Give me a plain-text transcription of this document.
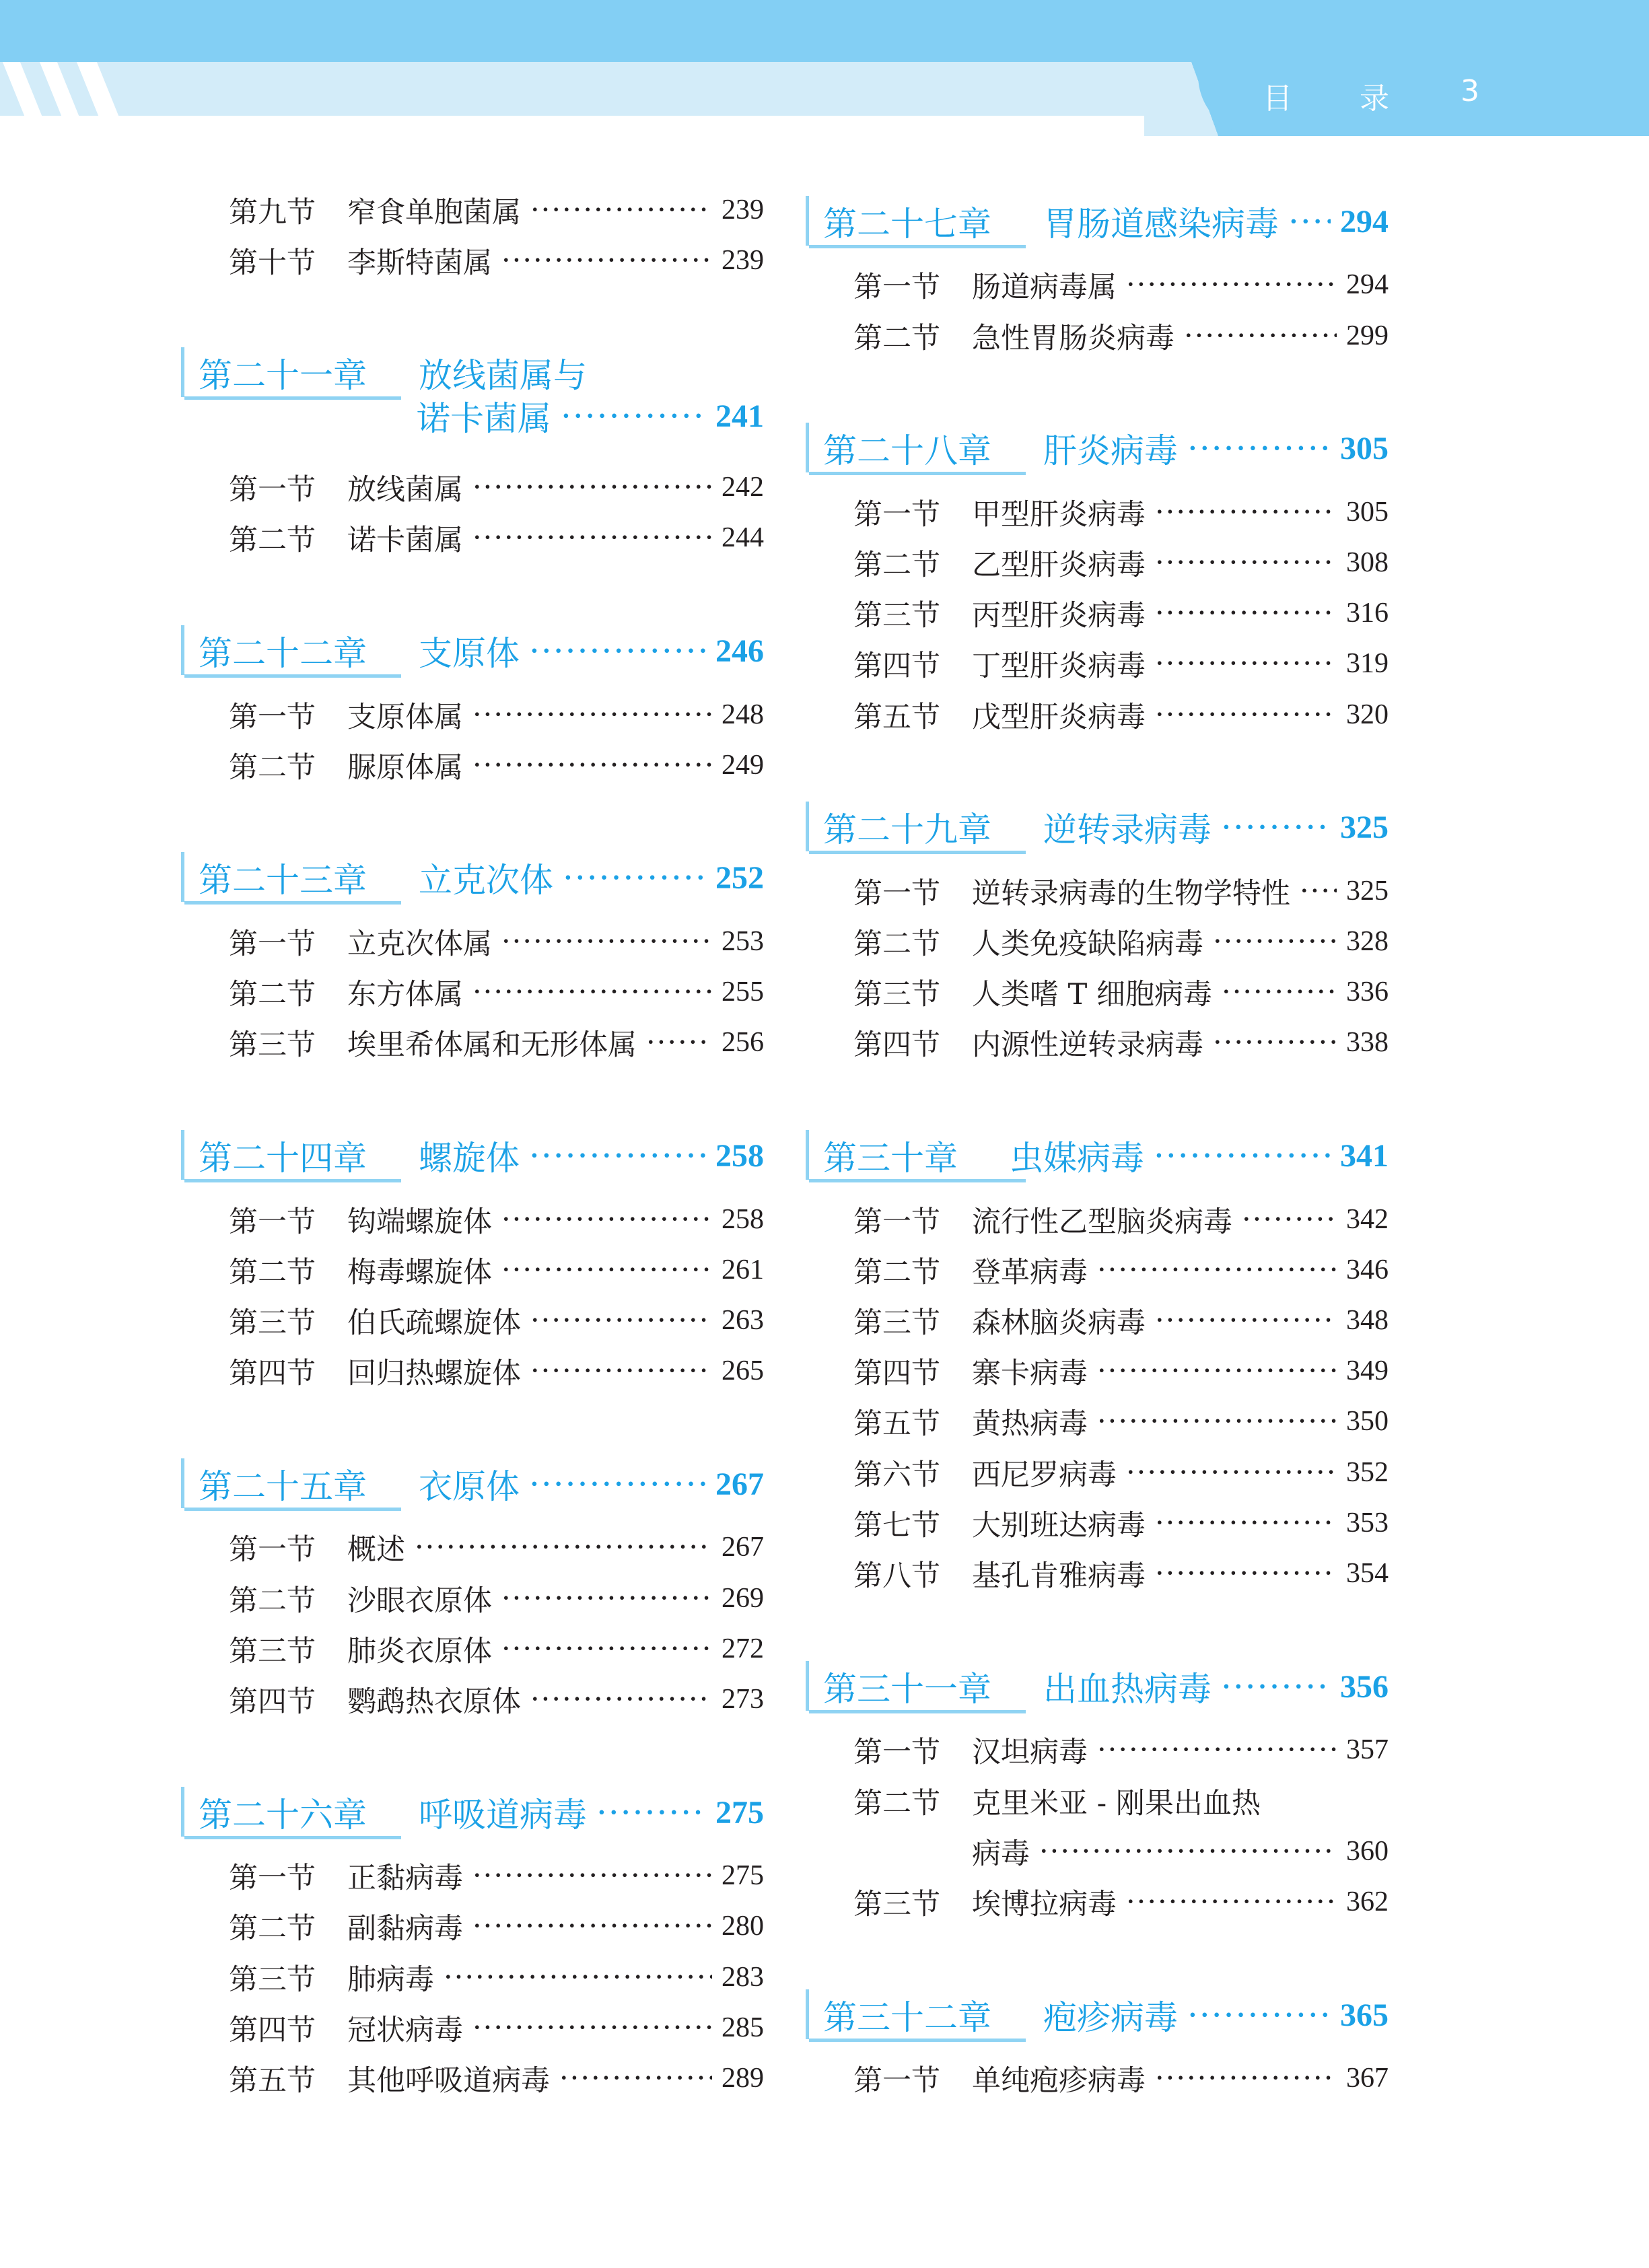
目 录 3
第九节 窄食单胞菌属 ·····	239
第十节 李斯特菌属 ·····	239
第二十一章 放线菌属与
诺卡菌属 ·····	241
第一节 放线菌属 ·····	242
第二节 诺卡菌属 ·····	244
第二十二章 支原体 ·····	246
第一节 支原体属 ·····	248
第二节 脲原体属 ·····	249
第二十三章 立克次体 ·····	252
第一节 立克次体属 ·····	253
第二节 东方体属 ·····	255
第三节 埃里希体属和无形体属 ·····	256
第二十四章 螺旋体 ·····	258
第一节 钩端螺旋体 ·····	258
第二节 梅毒螺旋体 ·····	261
第三节 伯氏疏螺旋体 ·····	263
第四节 回归热螺旋体 ·····	265
第二十五章 衣原体 ·····	267
第一节 概述 ·····	267
第二节 沙眼衣原体 ·····	269
第三节 肺炎衣原体 ·····	272
第四节 鹦鹉热衣原体 ·····	273
第二十六章 呼吸道病毒 ·····	275
第一节 正黏病毒 ·····	275
第二节 副黏病毒 ·····	280
第三节 肺病毒 ·····	283
第四节 冠状病毒 ·····	285
第五节 其他呼吸道病毒 ·····	289
第二十七章 胃肠道感染病毒 ····· 294
第一节 肠道病毒属 ·····	294
第二节 急性胃肠炎病毒 ·····	299
第二十八章 肝炎病毒 ·····	305
第一节 甲型肝炎病毒 ·····	305
第二节 乙型肝炎病毒 ·····	308
第三节 丙型肝炎病毒 ·····	316
第四节 丁型肝炎病毒 ·····	319
第五节 戊型肝炎病毒 ·····	320
第二十九章 逆转录病毒 ·····	325
第一节 逆转录病毒的生物学特性 ····· 325
第二节 人类免疫缺陷病毒 ·····	328
第三节 人类嗜 T 细胞病毒 ·····	336
第四节 内源性逆转录病毒 ·····	338
第三十章 虫媒病毒 ·····	341
第一节 流行性乙型脑炎病毒 ·····	342
第二节 登革病毒 ·····	346
第三节 森林脑炎病毒 ·····	348
第四节 寨卡病毒 ·····	349
第五节 黄热病毒 ·····	350
第六节 西尼罗病毒 ·····	352
第七节 大别班达病毒 ·····	353
第八节 基孔肯雅病毒 ·····	354
第三十一章 出血热病毒 ·····	356
第一节 汉坦病毒 ·····	357
第二节 克里米亚 - 刚果出血热
病毒 ·····	360
第三节 埃博拉病毒 ·····	362
第三十二章 疱疹病毒 ·····	365
第一节 单纯疱疹病毒 ·····	367
